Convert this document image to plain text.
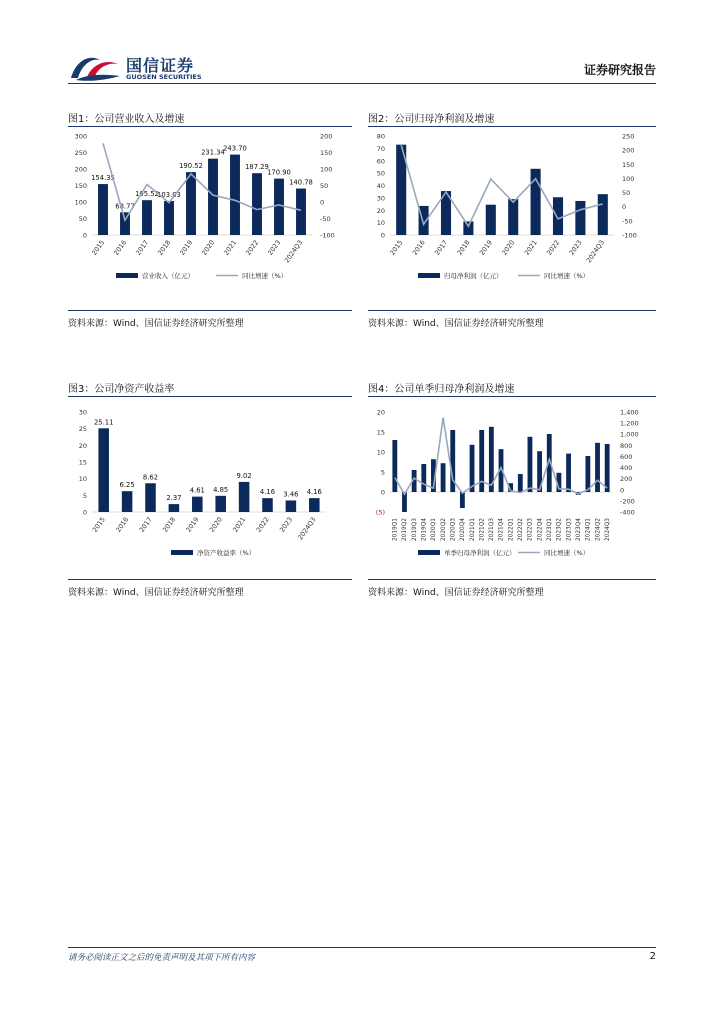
国信证券
GUOSEN SECURITIES	证券研究报告
图1：公司营业收入及增速
0
50
100
150
200
250
300
-100
-50
0
50
100
150
200
154.35
68.77
105.52
103.03
190.52
231.34
243.70
187.29
170.90
140.78
2015 2016 2017 2018 2019 2020 2021 2022 2023 2024Q3
营业收入（亿元）	同比增速（%）
资料来源：Wind、国信证券经济研究所整理
图2：公司归母净利润及增速
0
10
20
30
40
50
60
70
80
-100
-50
0
50
100
150
200
250
2015 2016 2017 2018 2019 2020 2021 2022 2023 2024Q3
归母净利润（亿元）	同比增速（%）
资料来源：Wind、国信证券经济研究所整理
图3：公司净资产收益率
0
5
10
15
20
25
30
25.11
6.25
8.62
2.37
4.61 4.85
9.02
4.16 3.46 4.16
2015 2016 2017 2018 2019 2020 2021 2022 2023 2024Q3
净资产收益率（%）
资料来源：Wind、国信证券经济研究所整理
图4：公司单季归母净利润及增速
(5)
0
5
10
15
20
-400
-200
0
200
400
600
800
1,000
1,200
1,400
2019Q1 2019Q2 2019Q3 2019Q4 2020Q1 2020Q2 2020Q3 2020Q4 2021Q1 2021Q2 2021Q3 2021Q4 2022Q1 2022Q2 2022Q3 2022Q4 2023Q1 2023Q2 2023Q3 2023Q4 2024Q1 2024Q2 2024Q3
单季归母净利润（亿元）	同比增速（%）
资料来源：Wind、国信证券经济研究所整理
请务必阅读正文之后的免责声明及其项下所有内容	2
